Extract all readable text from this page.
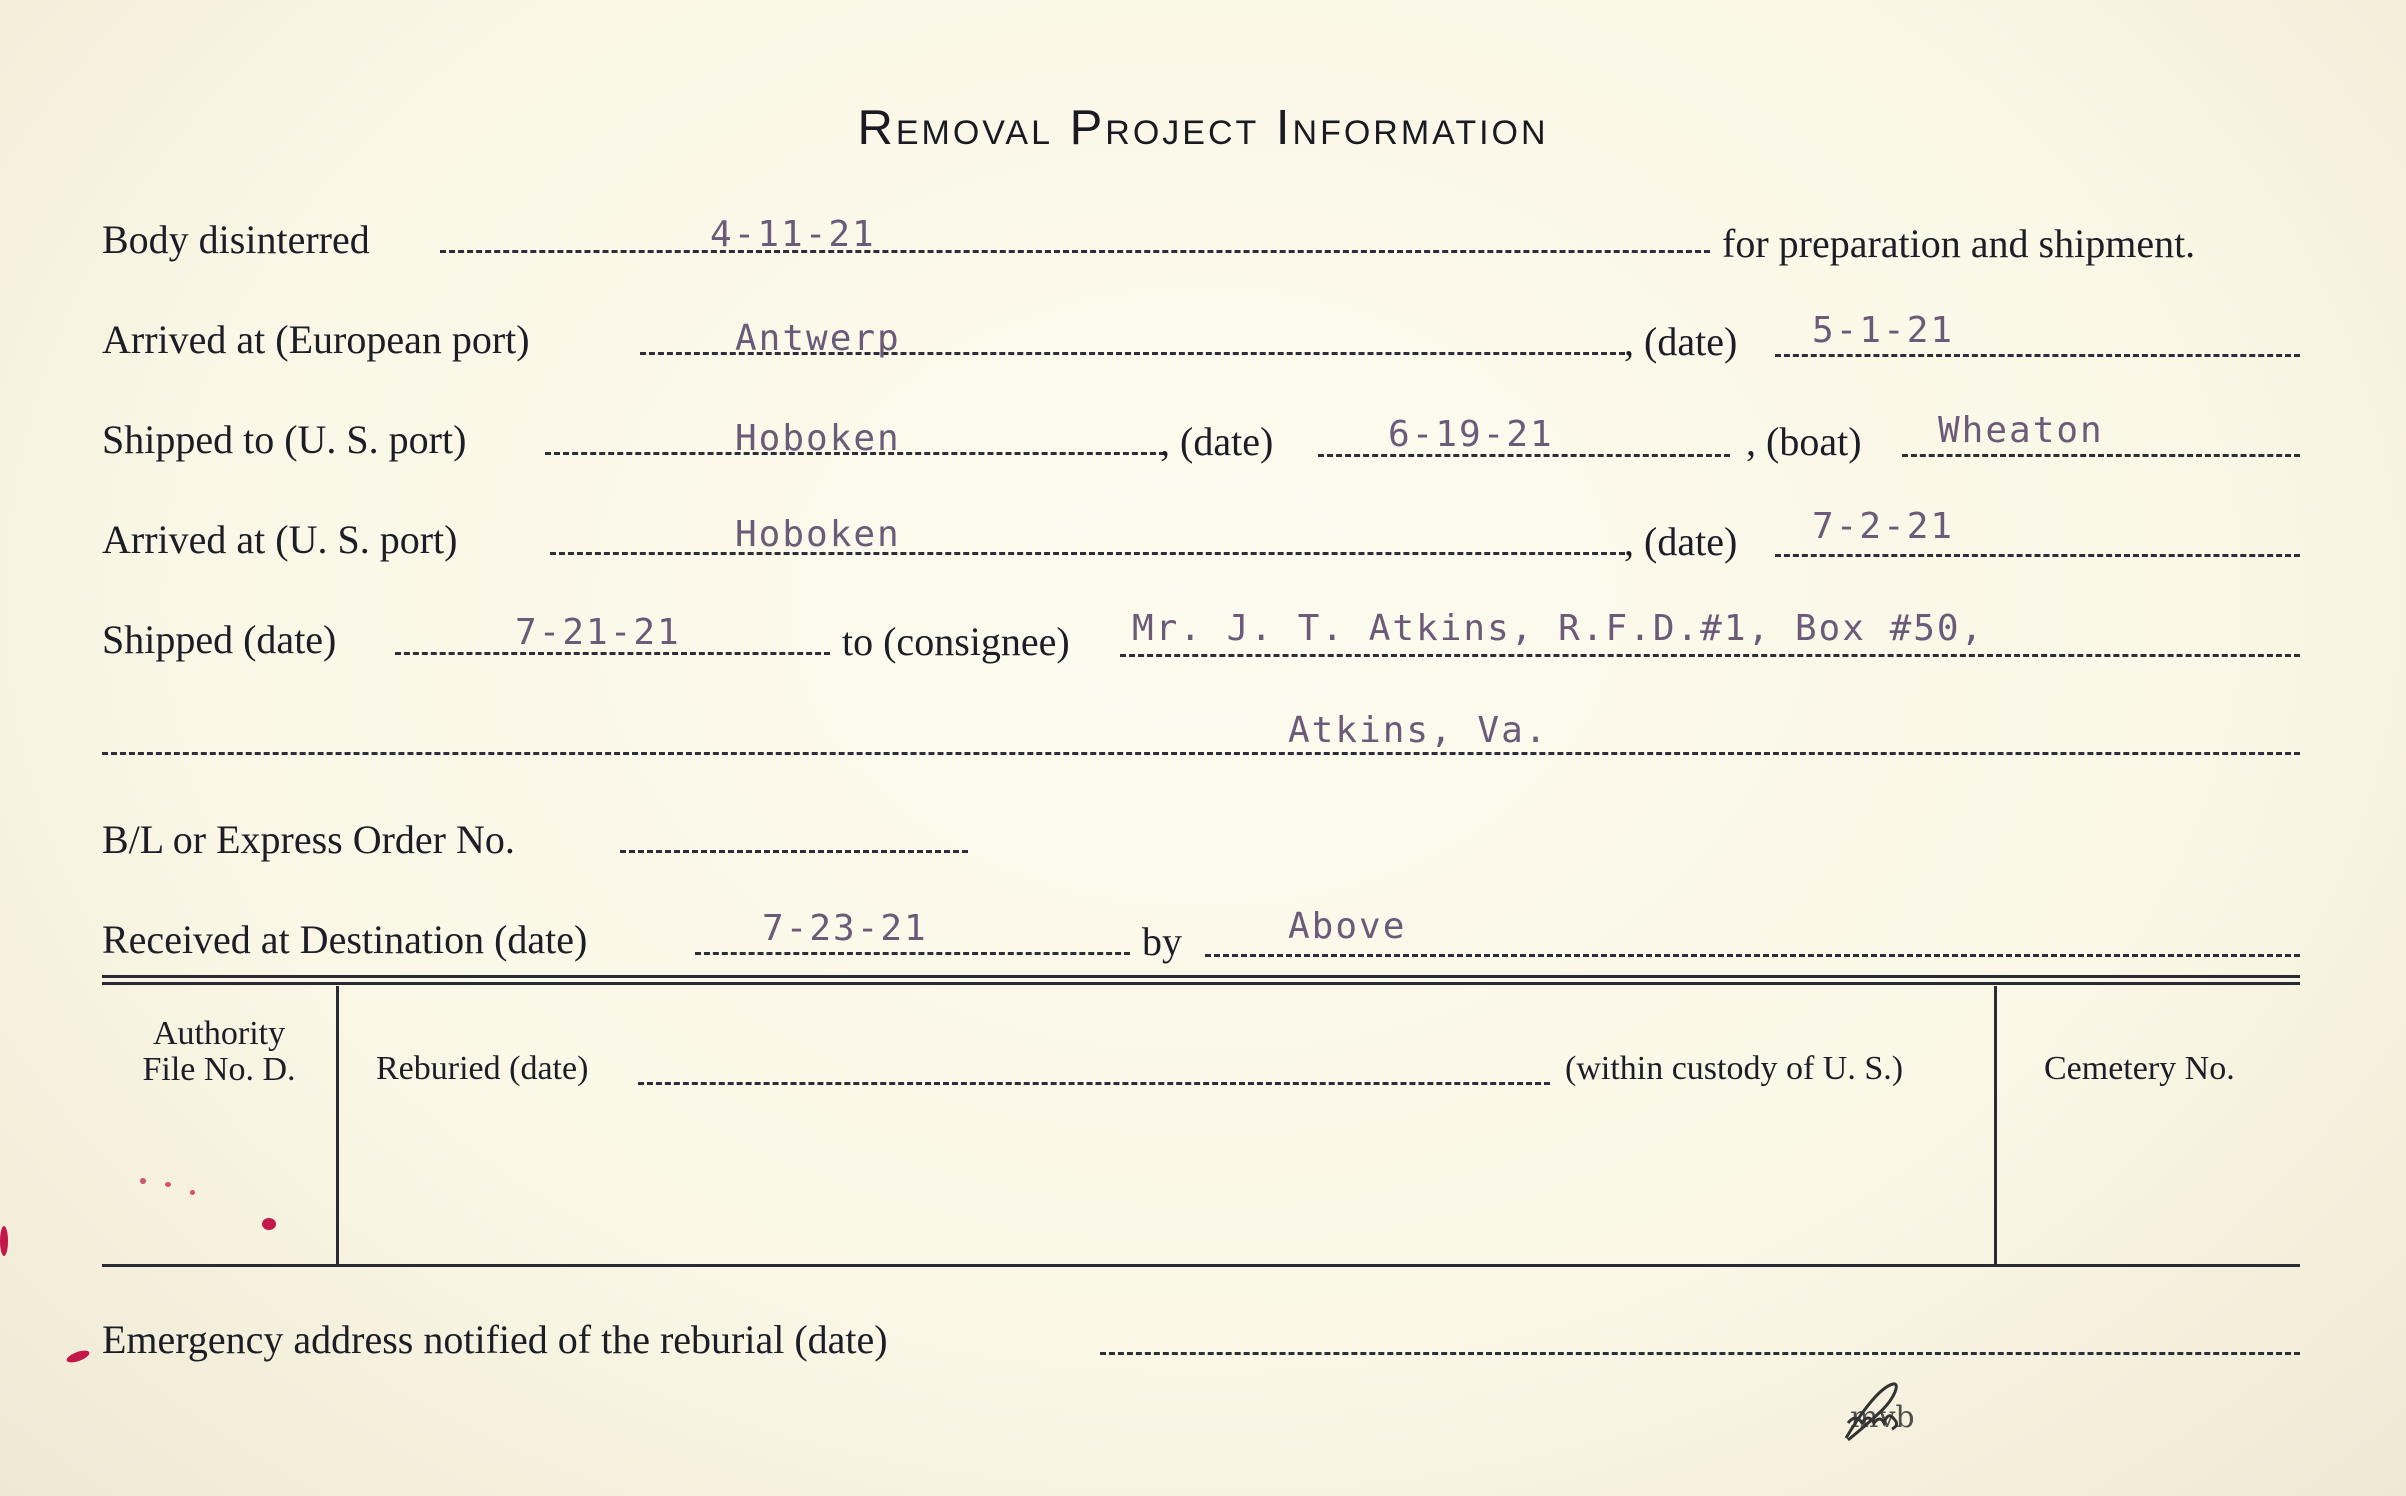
Removal Project Information
Body disinterred	4-11-21	for preparation and shipment.
Arrived at (European port)	Antwerp	, (date) 5-1-21
Shipped to (U. S. port)	Hoboken	, (date)	6-19-21	, (boat) Wheaton
Arrived at (U. S. port)	Hoboken	, (date) 7-2-21
Shipped (date)	7-21-21	to (consignee) Mr. J. T. Atkins, R.F.D.#1, Box #50,
Atkins, Va.
B/L or Express Order No.
Received at Destination (date)	7-23-21	by	Above
Authority
File No. D.	Reburied (date)	(within custody of U. S.)	Cemetery No.
Emergency address notified of the reburial (date)
mvb
